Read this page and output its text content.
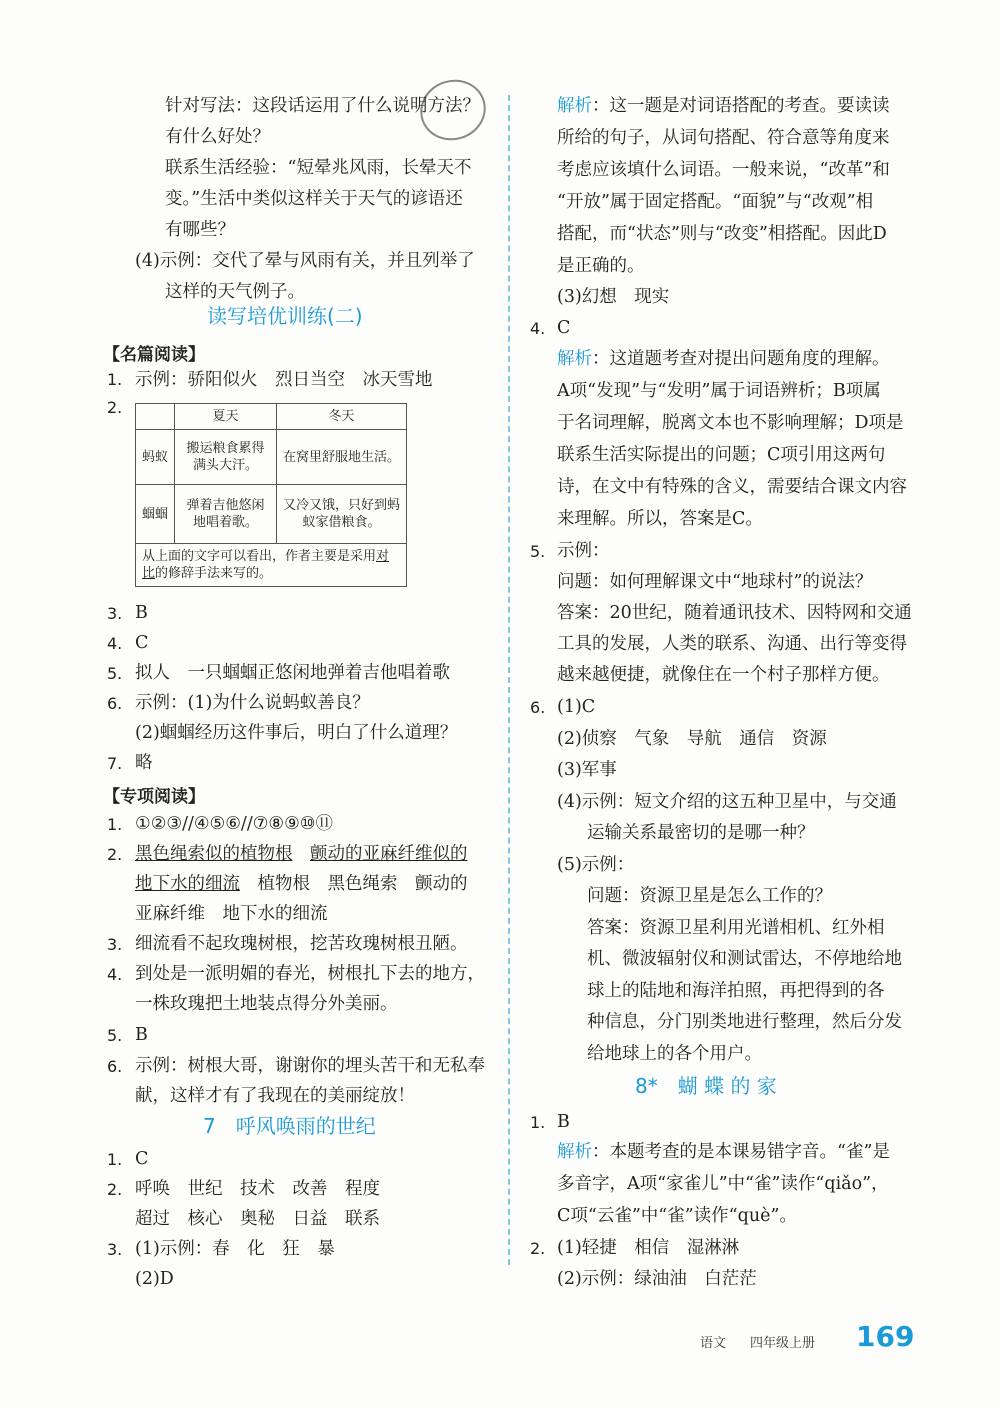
针对写法：这段话运用了什么说明方法？
有什么好处？
联系生活经验：“短晕兆风雨，长晕天不
变。”生活中类似这样关于天气的谚语还
有哪些？
(4)示例：交代了晕与风雨有关，并且列举了
这样的天气例子。
读写培优训练(二)
【名篇阅读】
1. 示例：骄阳似火　烈日当空　冰天雪地
2.
		夏天	冬天
蚂蚁	搬运粮食累得满头大汗。	在窝里舒服地生活。
蝈蝈	弹着吉他悠闲地唱着歌。	又冷又饿，只好到蚂蚁家借粮食。
从上面的文字可以看出，作者主要是采用对比的修辞手法来写的。		
3. B
4. C
5. 拟人　一只蝈蝈正悠闲地弹着吉他唱着歌
6. 示例：(1)为什么说蚂蚁善良？
(2)蝈蝈经历这件事后，明白了什么道理？
7. 略
【专项阅读】
1. ①②③//④⑤⑥//⑦⑧⑨⑩⑪
2. 黑色绳索似的植物根　 颤动的亚麻纤维似的
地下水的细流　植物根　黑色绳索　颤动的
亚麻纤维　地下水的细流
3. 细流看不起玫瑰树根，挖苦玫瑰树根丑陋。
4. 到处是一派明媚的春光，树根扎下去的地方，
一株玫瑰把土地装点得分外美丽。
5. B
6. 示例：树根大哥，谢谢你的埋头苦干和无私奉
献，这样才有了我现在的美丽绽放！
7　呼风唤雨的世纪
1. C
2. 呼唤　世纪　技术　改善　程度
超过　核心　奥秘　日益　联系
3. (1)示例：春　化　狂　暴
(2)D
解析：这一题是对词语搭配的考查。要读读
所给的句子，从词句搭配、符合意等角度来
考虑应该填什么词语。一般来说，“改革”和
“开放”属于固定搭配。“面貌”与“改观”相
搭配，而“状态”则与“改变”相搭配。因此D
是正确的。
(3)幻想　现实
4. C
解析：这道题考查对提出问题角度的理解。
A项“发现”与“发明”属于词语辨析；B项属
于名词理解，脱离文本也不影响理解；D项是
联系生活实际提出的问题；C项引用这两句
诗，在文中有特殊的含义，需要结合课文内容
来理解。所以，答案是C。
5. 示例：
问题：如何理解课文中“地球村”的说法？
答案：20世纪，随着通讯技术、因特网和交通
工具的发展，人类的联系、沟通、出行等变得
越来越便捷，就像住在一个村子那样方便。
6. (1)C
(2)侦察　气象　导航　通信　资源
(3)军事
(4)示例：短文介绍的这五种卫星中，与交通
运输关系最密切的是哪一种？
(5)示例：
问题：资源卫星是怎么工作的？
答案：资源卫星利用光谱相机、红外相
机、微波辐射仪和测试雷达，不停地给地
球上的陆地和海洋拍照，再把得到的各
种信息，分门别类地进行整理，然后分发
给地球上的各个用户。
8*　蝴 蝶 的 家
1. B
解析：本题考查的是本课易错字音。“雀”是
多音字，A项“家雀儿”中“雀”读作“qiǎo”，
C项“云雀”中“雀”读作“què”。
2. (1)轻捷　相信　湿淋淋
(2)示例：绿油油　白茫茫
语文 四年级上册 169
